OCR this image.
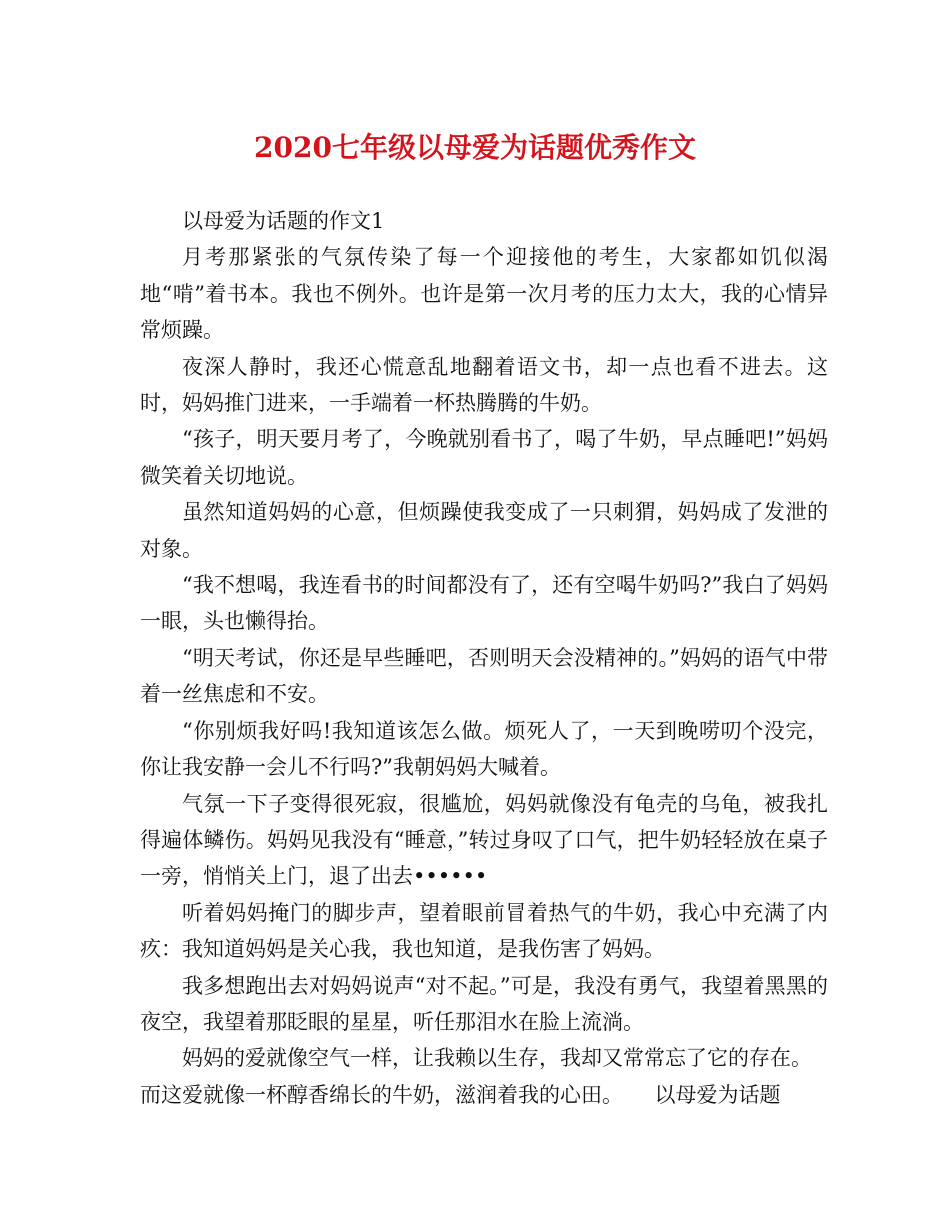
2020七年级以母爱为话题优秀作文

以母爱为话题的作文1

月考那紧张的气氛传染了每一个迎接他的考生，大家都如饥似渴地“啃”着书本。我也不例外。也许是第一次月考的压力太大，我的心情异常烦躁。

夜深人静时，我还心慌意乱地翻着语文书，却一点也看不进去。这时，妈妈推门进来，一手端着一杯热腾腾的牛奶。

“孩子，明天要月考了，今晚就别看书了，喝了牛奶，早点睡吧!”妈妈微笑着关切地说。

虽然知道妈妈的心意，但烦躁使我变成了一只刺猬，妈妈成了发泄的对象。

“我不想喝，我连看书的时间都没有了，还有空喝牛奶吗?”我白了妈妈一眼，头也懒得抬。

“明天考试，你还是早些睡吧，否则明天会没精神的。”妈妈的语气中带着一丝焦虑和不安。

“你别烦我好吗!我知道该怎么做。烦死人了，一天到晚唠叨个没完，你让我安静一会儿不行吗?”我朝妈妈大喊着。

气氛一下子变得很死寂，很尴尬，妈妈就像没有龟壳的乌龟，被我扎得遍体鳞伤。妈妈见我没有“睡意，”转过身叹了口气，把牛奶轻轻放在桌子一旁，悄悄关上门，退了出去••••••

听着妈妈掩门的脚步声，望着眼前冒着热气的牛奶，我心中充满了内疚：我知道妈妈是关心我，我也知道，是我伤害了妈妈。

我多想跑出去对妈妈说声“对不起。”可是，我没有勇气，我望着黑黑的夜空，我望着那眨眼的星星，听任那泪水在脸上流淌。

妈妈的爱就像空气一样，让我赖以生存，我却又常常忘了它的存在。而这爱就像一杯醇香绵长的牛奶，滋润着我的心田。　　以母爱为话题
